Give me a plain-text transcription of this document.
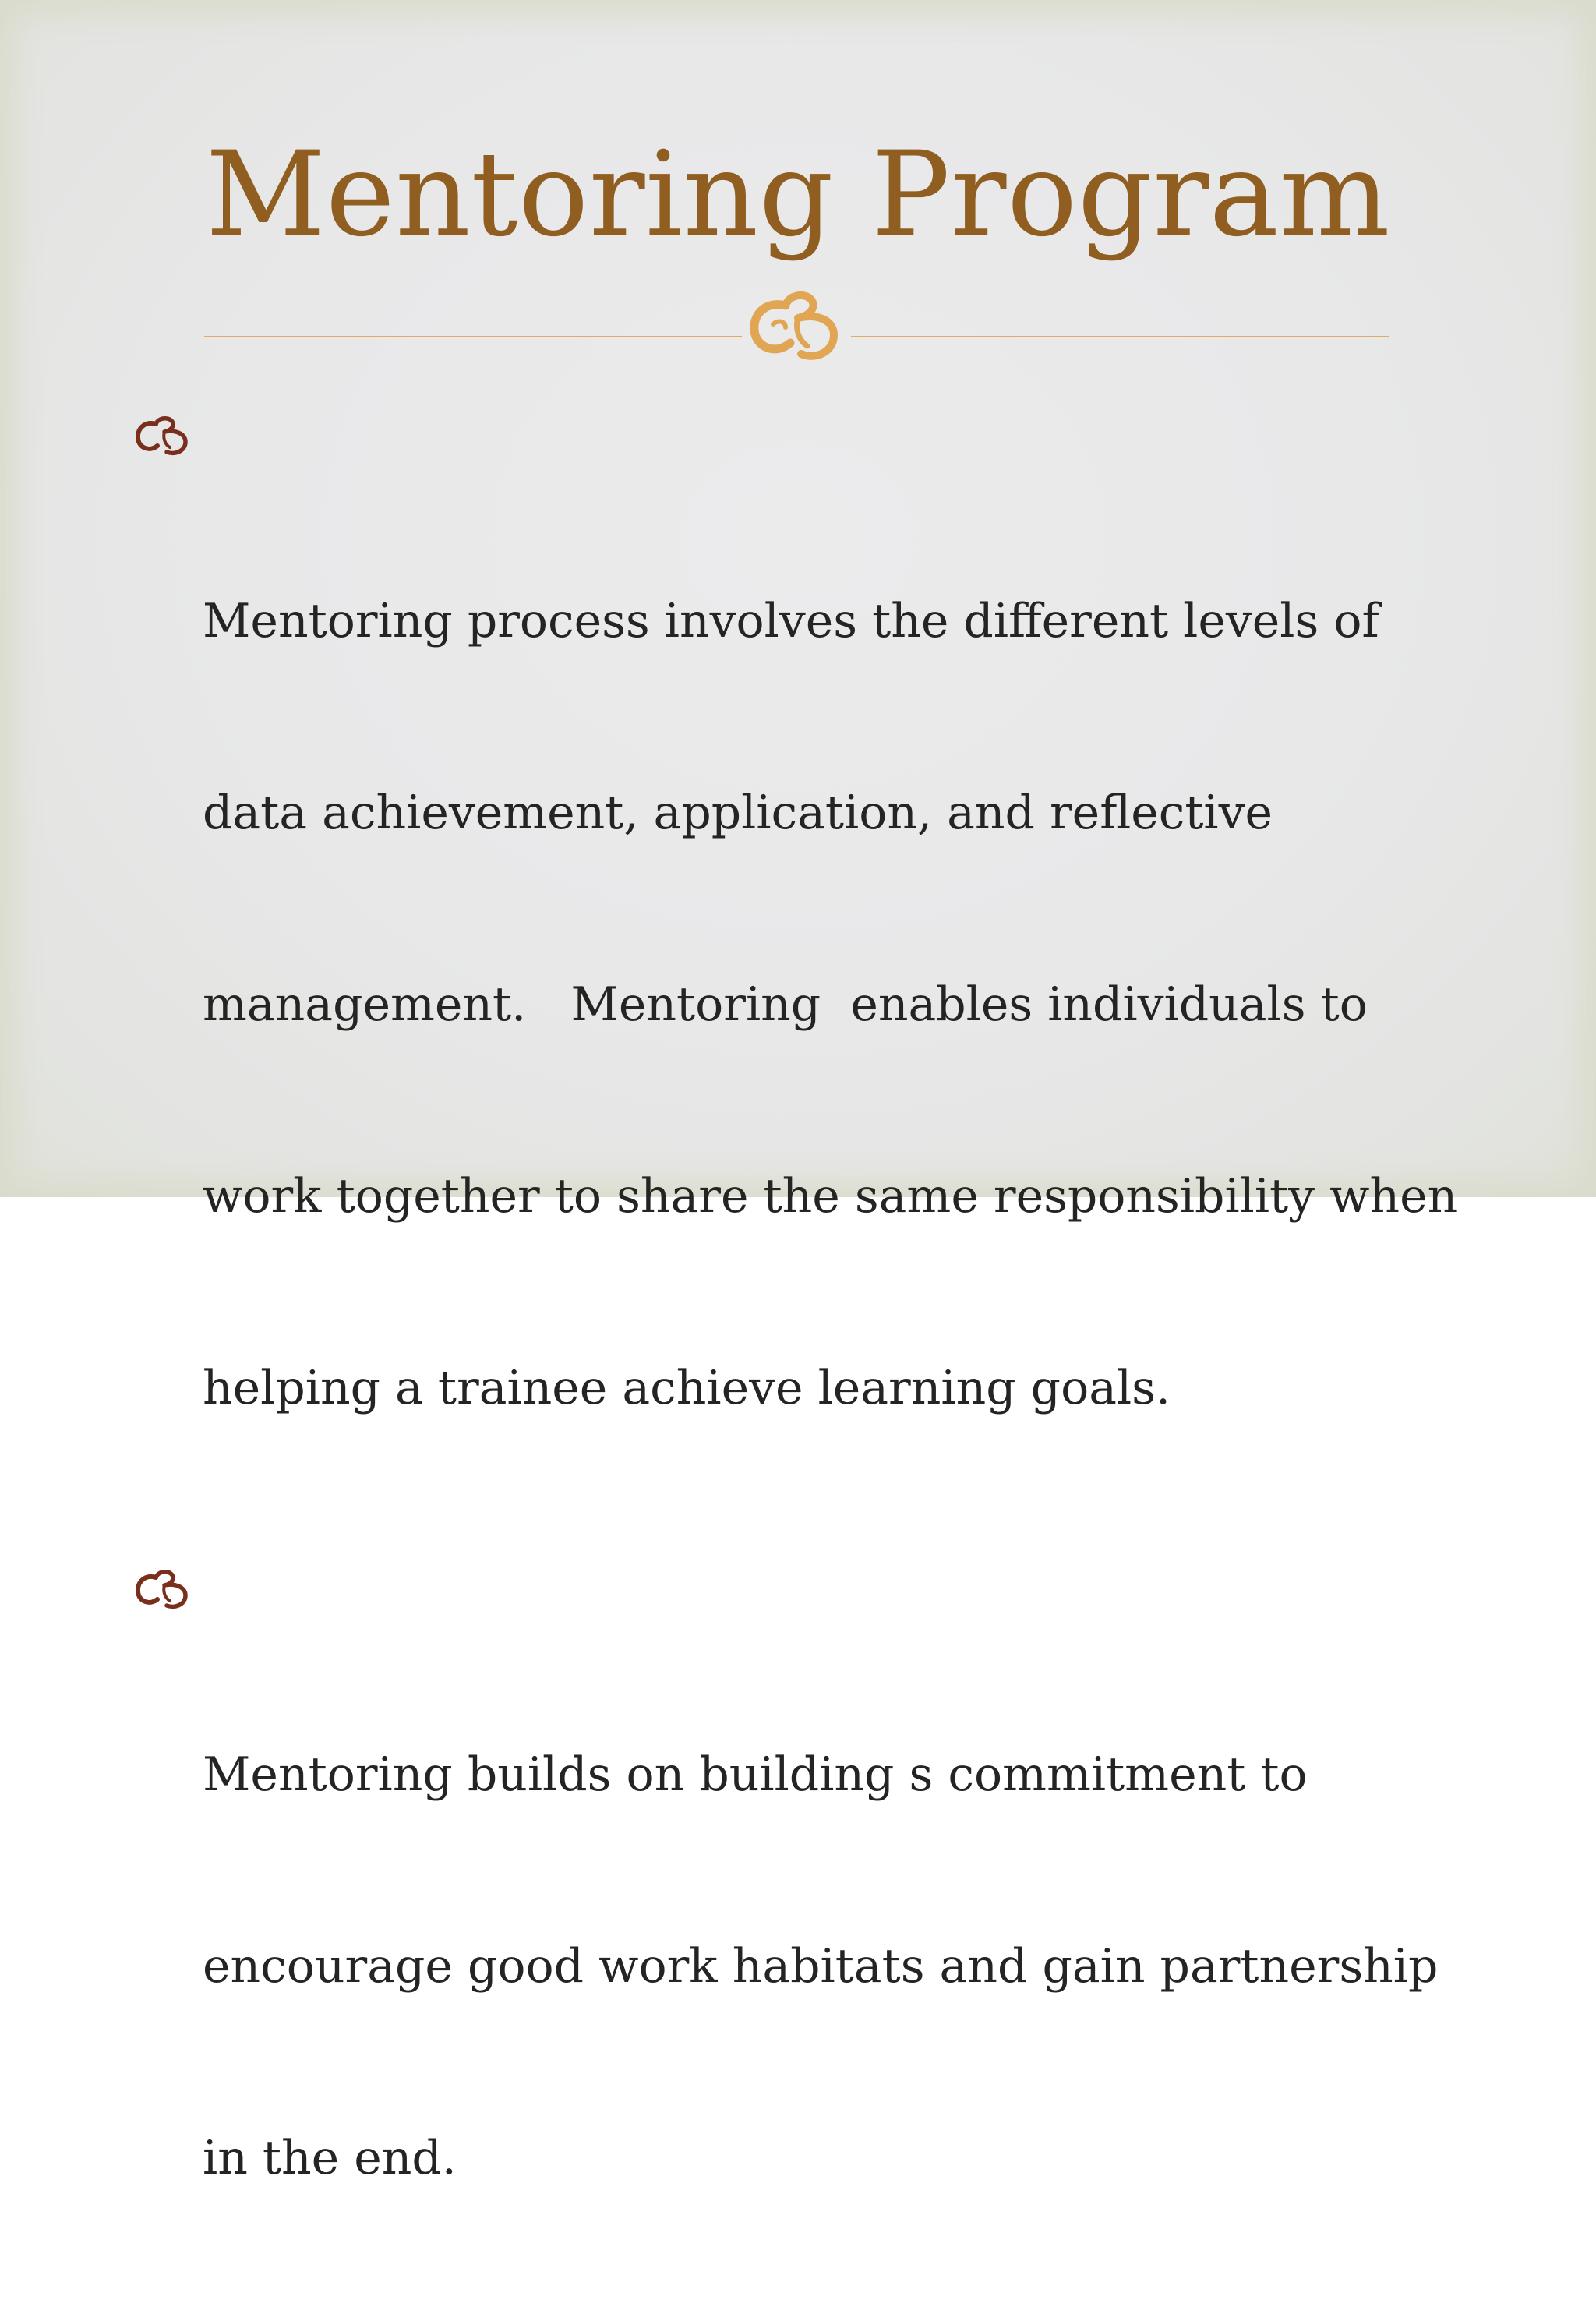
Mentoring Program

Mentoring process involves the different levels of

data achievement, application, and reflective

management.   Mentoring  enables individuals to

work together to share the same responsibility when

helping a trainee achieve learning goals.

Mentoring builds on building s commitment to

encourage good work habitats and gain partnership

in the end.
